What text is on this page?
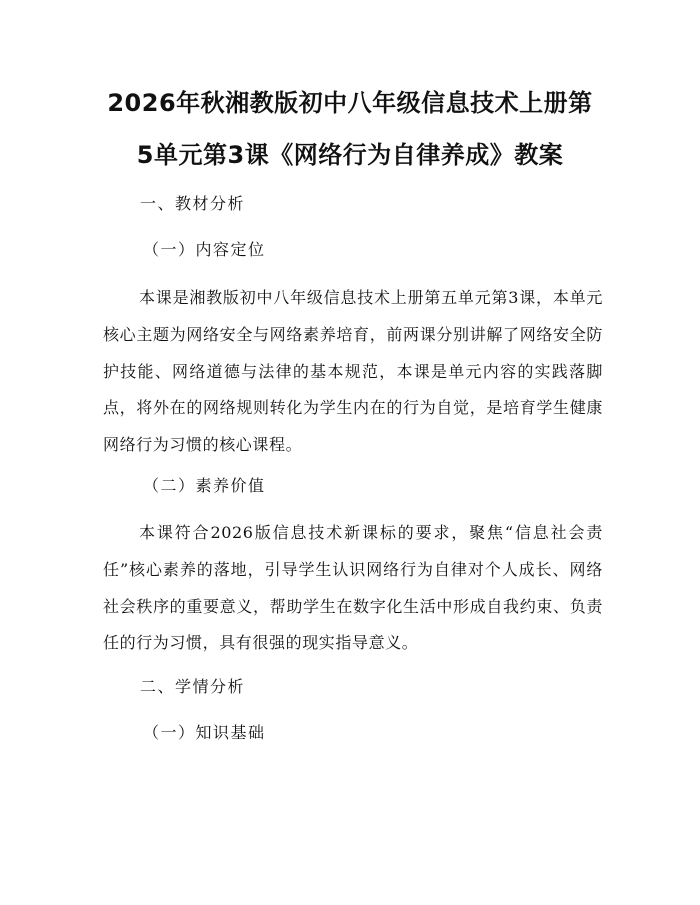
2026年秋湘教版初中八年级信息技术上册第
5单元第3课《网络行为自律养成》教案
一、教材分析
（一）内容定位

本课是湘教版初中八年级信息技术上册第五单元第3课，本单元核心主题为网络安全与网络素养培育，前两课分别讲解了网络安全防护技能、网络道德与法律的基本规范，本课是单元内容的实践落脚点，将外在的网络规则转化为学生内在的行为自觉，是培育学生健康网络行为习惯的核心课程。

（二）素养价值

本课符合2026版信息技术新课标的要求，聚焦“信息社会责任”核心素养的落地，引导学生认识网络行为自律对个人成长、网络社会秩序的重要意义，帮助学生在数字化生活中形成自我约束、负责任的行为习惯，具有很强的现实指导意义。

二、学情分析
（一）知识基础
